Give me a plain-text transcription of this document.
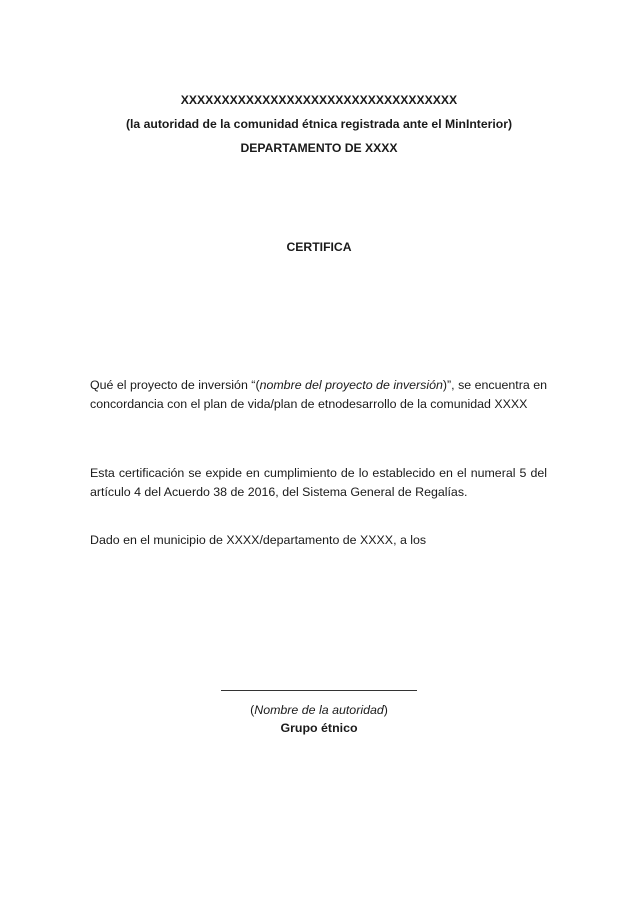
XXXXXXXXXXXXXXXXXXXXXXXXXXXXXXXXXX
(la autoridad de la comunidad étnica registrada ante el MinInterior)
DEPARTAMENTO DE XXXX
CERTIFICA

Qué el proyecto de inversión “(nombre del proyecto de inversión)”, se encuentra en concordancia con el plan de vida/plan de etnodesarrollo de la comunidad XXXX

Esta certificación se expide en cumplimiento de lo establecido en el numeral 5 del artículo 4 del Acuerdo 38 de 2016, del Sistema General de Regalías.

Dado en el municipio de XXXX/departamento de XXXX, a los

(Nombre de la autoridad)
Grupo étnico
